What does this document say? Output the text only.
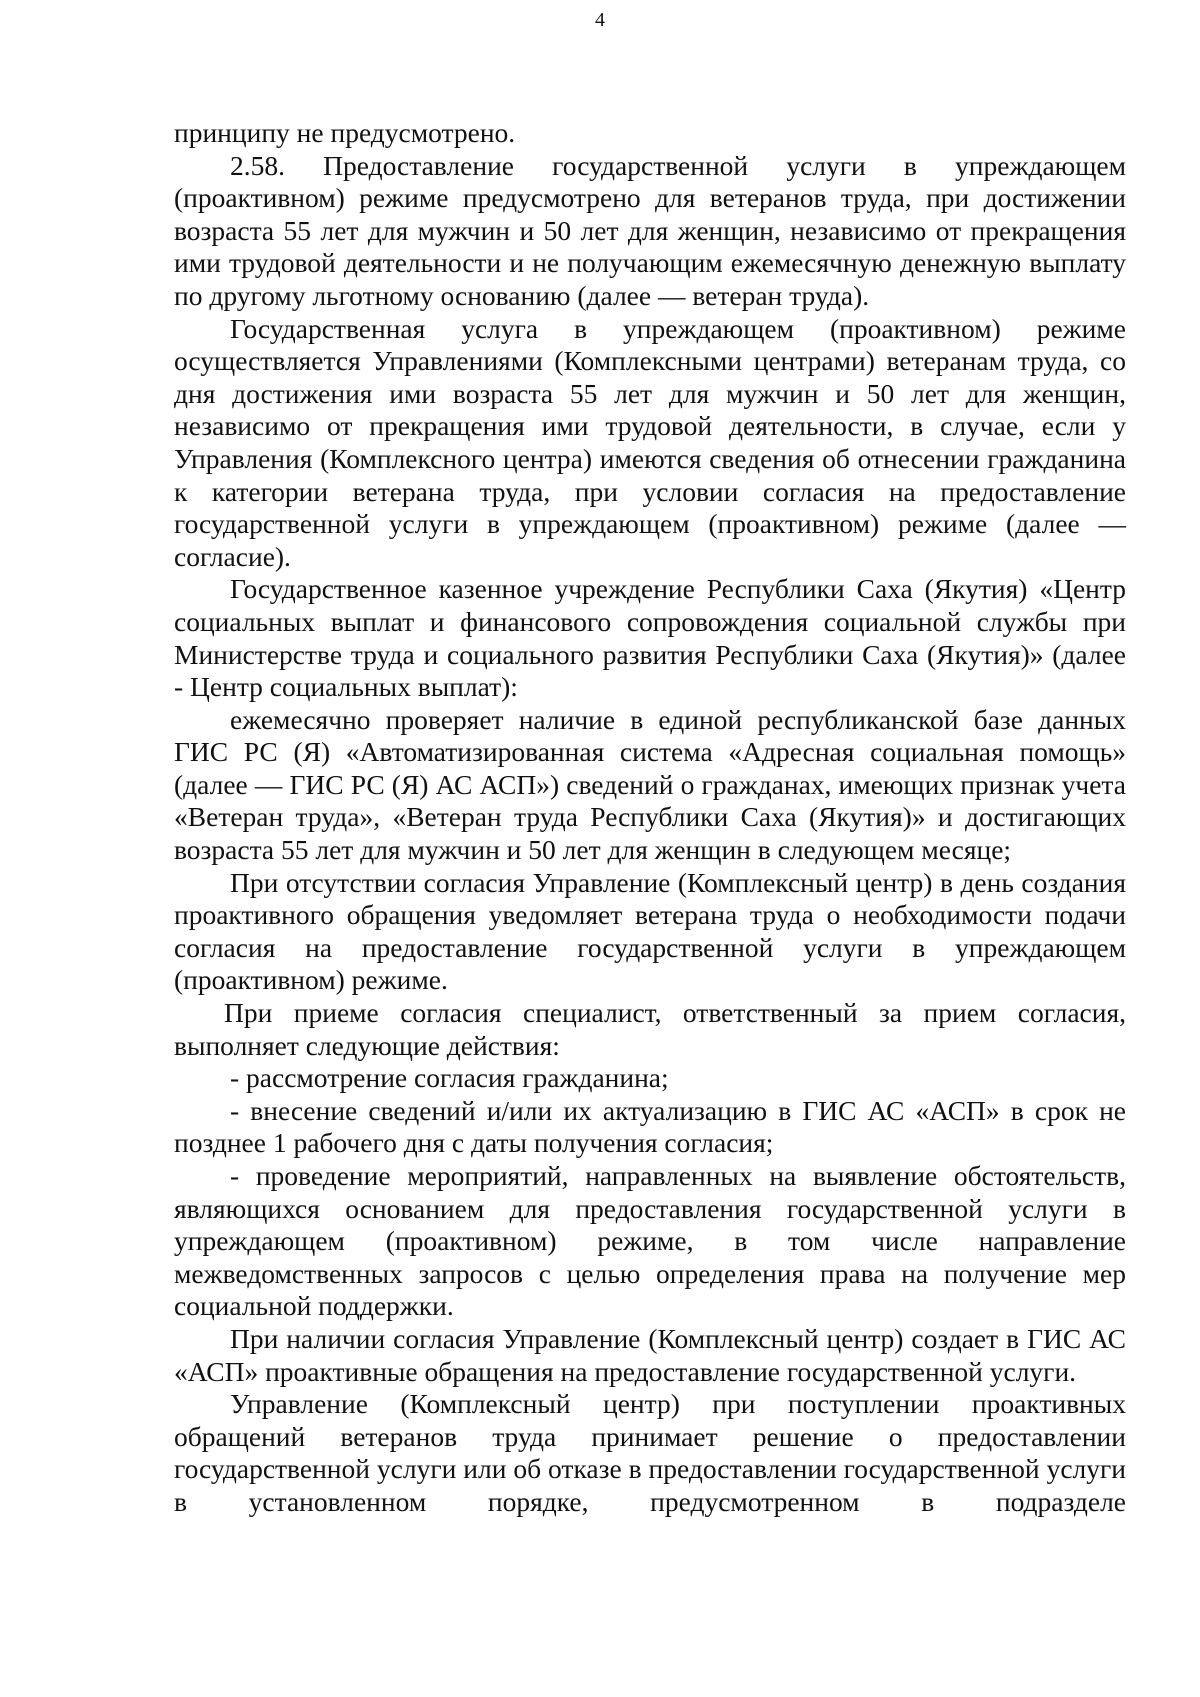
4

принципу не предусмотрено.

2.58. Предоставление государственной услуги в упреждающем (проактивном) режиме предусмотрено для ветеранов труда, при достижении возраста 55 лет для мужчин и 50 лет для женщин, независимо от прекращения ими трудовой деятельности и не получающим ежемесячную денежную выплату по другому льготному основанию (далее — ветеран труда).

Государственная услуга в упреждающем (проактивном) режиме осуществляется Управлениями (Комплексными центрами) ветеранам труда, со дня достижения ими возраста 55 лет для мужчин и 50 лет для женщин, независимо от прекращения ими трудовой деятельности, в случае, если у Управления (Комплексного центра) имеются сведения об отнесении гражданина к категории ветерана труда, при условии согласия на предоставление государственной услуги в упреждающем (проактивном) режиме (далее — согласие).

Государственное казенное учреждение Республики Саха (Якутия) «Центр социальных выплат и финансового сопровождения социальной службы при Министерстве труда и социального развития Республики Саха (Якутия)» (далее - Центр социальных выплат):

ежемесячно проверяет наличие в единой республиканской базе данных ГИС РС (Я) «Автоматизированная система «Адресная социальная помощь» (далее — ГИС РС (Я) АС АСП») сведений о гражданах, имеющих признак учета «Ветеран труда», «Ветеран труда Республики Саха (Якутия)» и достигающих возраста 55 лет для мужчин и 50 лет для женщин в следующем месяце;

При отсутствии согласия Управление (Комплексный центр) в день создания проактивного обращения уведомляет ветерана труда о необходимости подачи согласия на предоставление государственной услуги в упреждающем (проактивном) режиме.

При приеме согласия специалист, ответственный за прием согласия, выполняет следующие действия:

- рассмотрение согласия гражданина;

- внесение сведений и/или их актуализацию в ГИС АС «АСП» в срок не позднее 1 рабочего дня с даты получения согласия;

- проведение мероприятий, направленных на выявление обстоятельств, являющихся основанием для предоставления государственной услуги в упреждающем (проактивном) режиме, в том числе направление межведомственных запросов с целью определения права на получение мер социальной поддержки.

При наличии согласия Управление (Комплексный центр) создает в ГИС АС «АСП» проактивные обращения на предоставление государственной услуги.

Управление (Комплексный центр) при поступлении проактивных обращений ветеранов труда принимает решение о предоставлении государственной услуги или об отказе в предоставлении государственной услуги в установленном порядке, предусмотренном в подразделе
